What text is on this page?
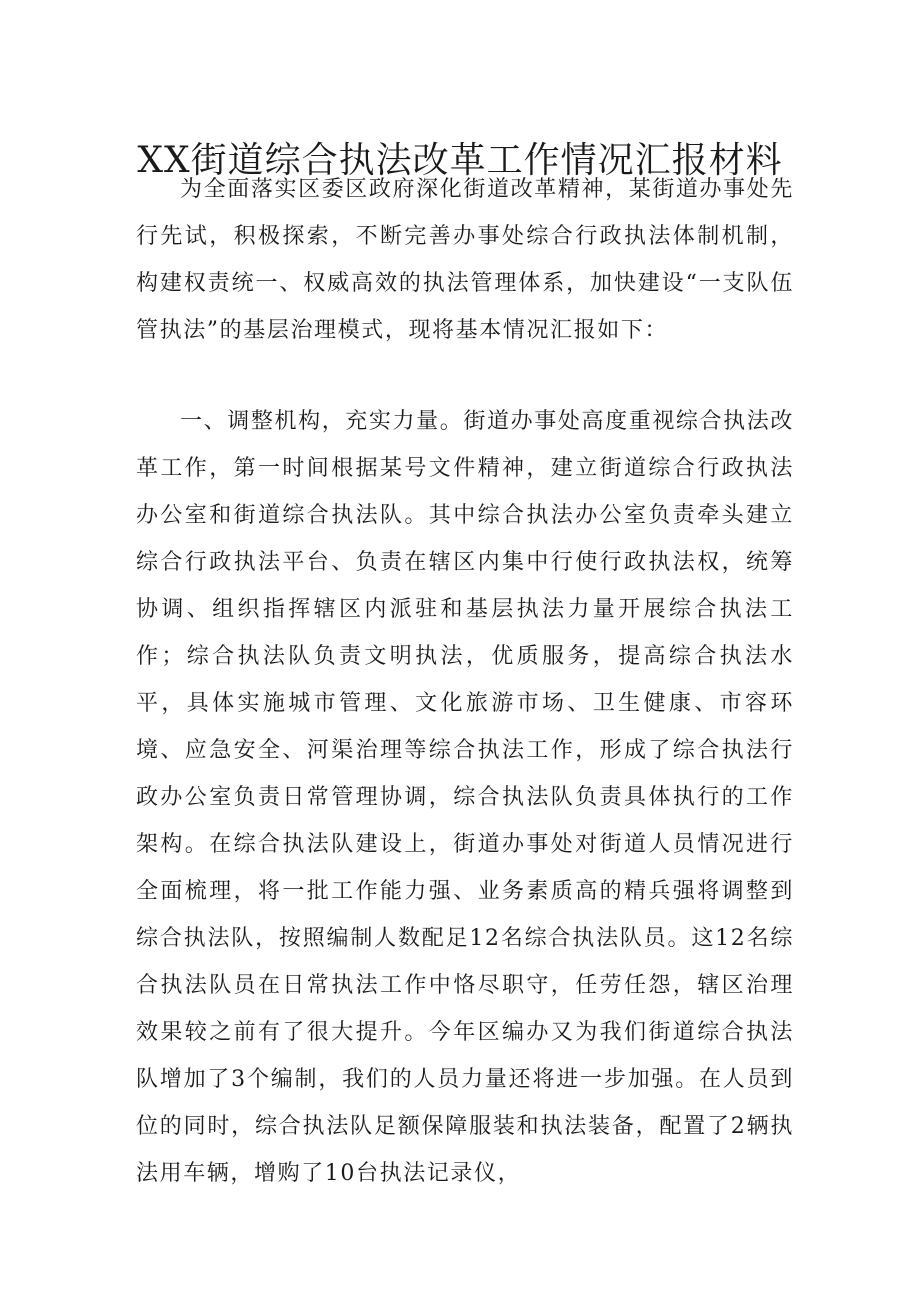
XX街道综合执法改革工作情况汇报材料

为全面落实区委区政府深化街道改革精神，某街道办事处先行先试，积极探索，不断完善办事处综合行政执法体制机制，构建权责统一、权威高效的执法管理体系，加快建设“一支队伍管执法”的基层治理模式，现将基本情况汇报如下：

一、调整机构，充实力量。街道办事处高度重视综合执法改革工作，第一时间根据某号文件精神，建立街道综合行政执法办公室和街道综合执法队。其中综合执法办公室负责牵头建立综合行政执法平台、负责在辖区内集中行使行政执法权，统筹协调、组织指挥辖区内派驻和基层执法力量开展综合执法工作；综合执法队负责文明执法，优质服务，提高综合执法水平，具体实施城市管理、文化旅游市场、卫生健康、市容环境、应急安全、河渠治理等综合执法工作，形成了综合执法行政办公室负责日常管理协调，综合执法队负责具体执行的工作架构。在综合执法队建设上，街道办事处对街道人员情况进行全面梳理，将一批工作能力强、业务素质高的精兵强将调整到综合执法队，按照编制人数配足12名综合执法队员。这12名综合执法队员在日常执法工作中恪尽职守，任劳任怨，辖区治理效果较之前有了很大提升。今年区编办又为我们街道综合执法队增加了3个编制，我们的人员力量还将进一步加强。在人员到位的同时，综合执法队足额保障服装和执法装备，配置了2辆执法用车辆，增购了10台执法记录仪，
